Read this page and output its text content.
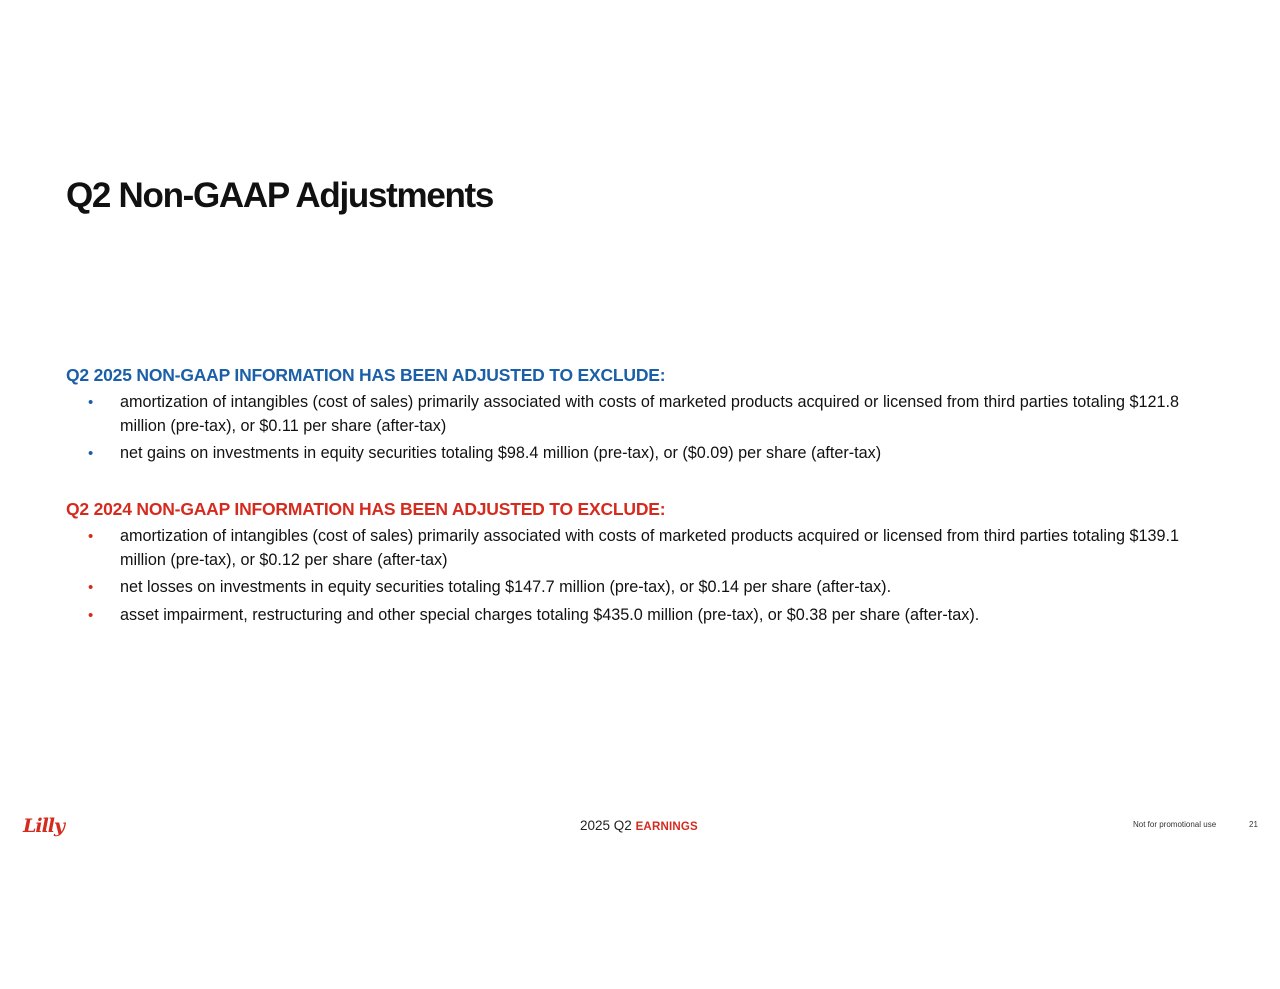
Q2 Non-GAAP Adjustments
Q2 2025 NON-GAAP INFORMATION HAS BEEN ADJUSTED TO EXCLUDE:
• amortization of intangibles (cost of sales) primarily associated with costs of marketed products acquired or licensed from third parties totaling $121.8 million (pre-tax), or $0.11 per share (after-tax)
• net gains on investments in equity securities totaling $98.4 million (pre-tax), or ($0.09) per share (after-tax)
Q2 2024 NON-GAAP INFORMATION HAS BEEN ADJUSTED TO EXCLUDE:
• amortization of intangibles (cost of sales) primarily associated with costs of marketed products acquired or licensed from third parties totaling $139.1 million (pre-tax), or $0.12 per share (after-tax)
• net losses on investments in equity securities totaling $147.7 million (pre-tax), or $0.14 per share (after-tax).
• asset impairment, restructuring and other special charges totaling $435.0 million (pre-tax), or $0.38 per share (after-tax).
Lilly	2025 Q2 EARNINGS	Not for promotional use	21
